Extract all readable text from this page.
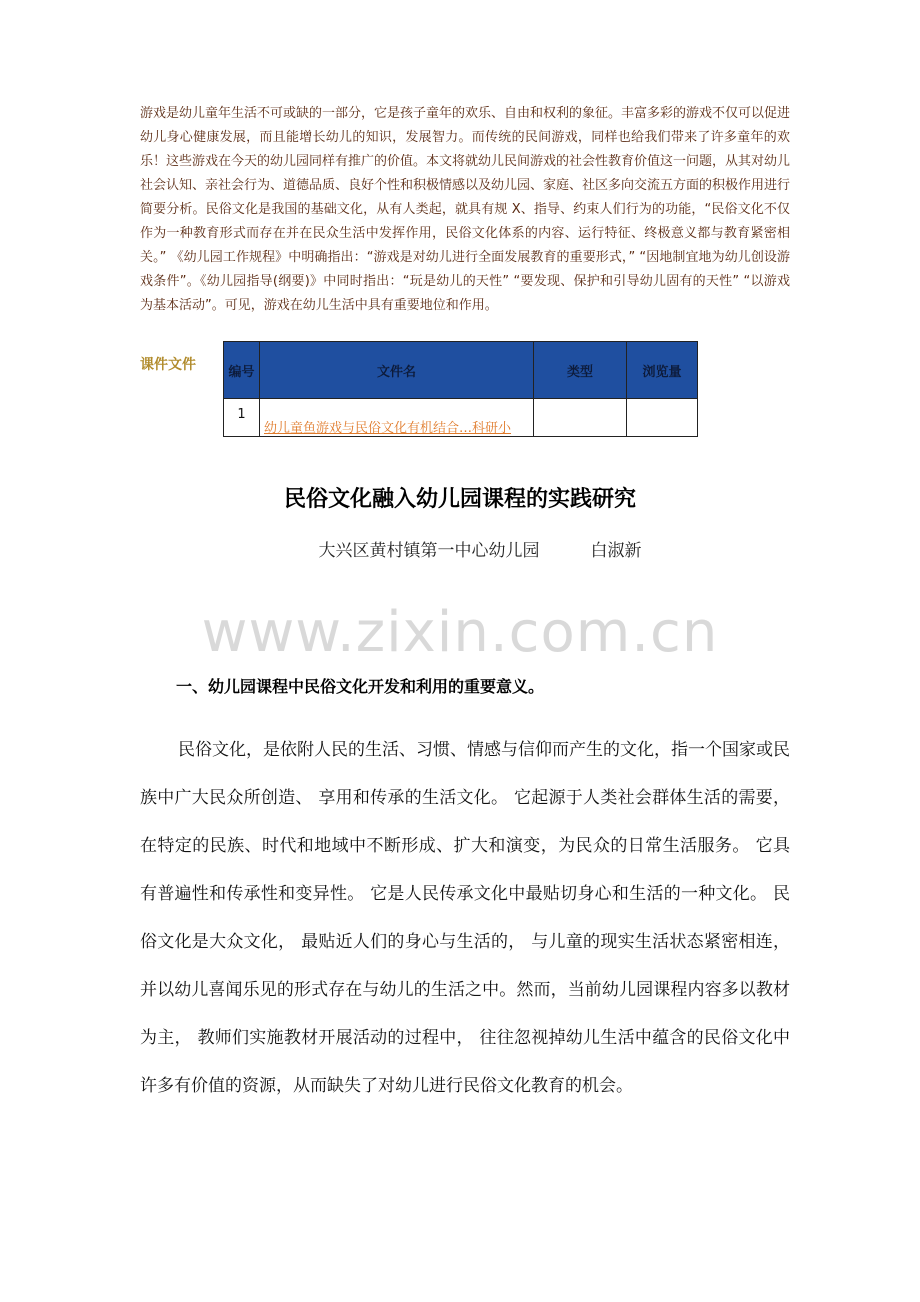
游戏是幼儿童年生活不可或缺的一部分，它是孩子童年的欢乐、自由和权利的象征。丰富多彩的游戏不仅可以促进幼儿身心健康发展，而且能增长幼儿的知识，发展智力。而传统的民间游戏，同样也给我们带来了许多童年的欢乐！这些游戏在今天的幼儿园同样有推广的价值。本文将就幼儿民间游戏的社会性教育价值这一问题，从其对幼儿社会认知、亲社会行为、道德品质、良好个性和积极情感以及幼儿园、家庭、社区多向交流五方面的积极作用进行简要分析。民俗文化是我国的基础文化，从有人类起，就具有规 X、指导、约束人们行为的功能，“民俗文化不仅作为一种教育形式而存在并在民众生活中发挥作用，民俗文化体系的内容、运行特征、终极意义都与教育紧密相关。” 《幼儿园工作规程》中明确指出：“游戏是对幼儿进行全面发展教育的重要形式，” “因地制宜地为幼儿创设游戏条件”。《幼儿园指导(纲要)》中同时指出：“玩是幼儿的天性” “要发现、保护和引导幼儿固有的天性” “以游戏为基本活动”。可见，游戏在幼儿生活中具有重要地位和作用。

课件文件 编号	文件名	类型	浏览量
1	幼儿童鱼游戏与民俗文化有机结合…科研小		

民俗文化融入幼儿园课程的实践研究
大兴区黄村镇第一中心幼儿园　　　白淑新
www.zixin.com.cn
一、幼儿园课程中民俗文化开发和利用的重要意义。

民俗文化，是依附人民的生活、习惯、情感与信仰而产生的文化，指一个国家或民族中广大民众所创造、 享用和传承的生活文化。 它起源于人类社会群体生活的需要，在特定的民族、时代和地域中不断形成、扩大和演变，为民众的日常生活服务。 它具有普遍性和传承性和变异性。 它是人民传承文化中最贴切身心和生活的一种文化。 民俗文化是大众文化， 最贴近人们的身心与生活的， 与儿童的现实生活状态紧密相连，并以幼儿喜闻乐见的形式存在与幼儿的生活之中。然而，当前幼儿园课程内容多以教材为主， 教师们实施教材开展活动的过程中， 往往忽视掉幼儿生活中蕴含的民俗文化中许多有价值的资源，从而缺失了对幼儿进行民俗文化教育的机会。
